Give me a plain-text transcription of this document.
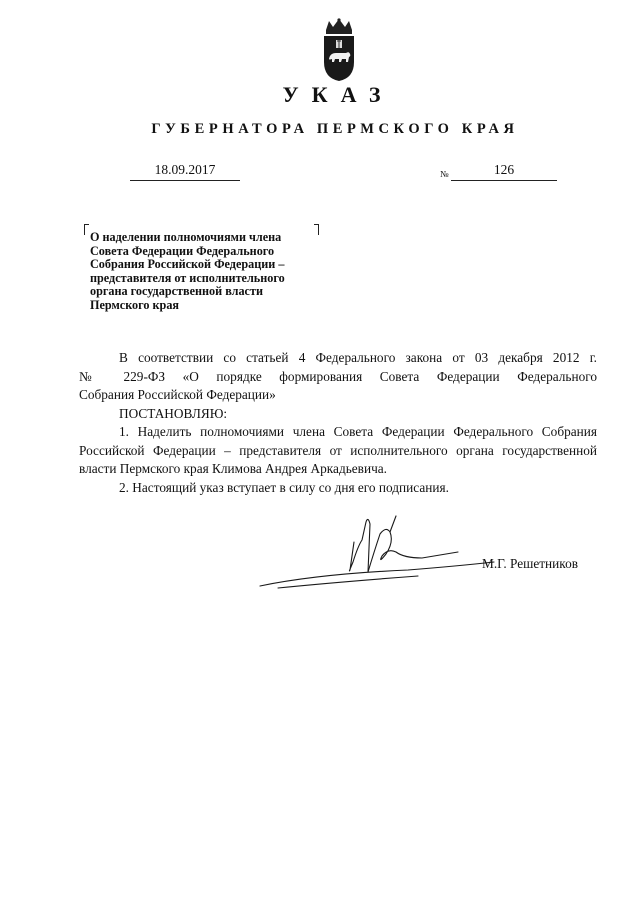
УКАЗ
ГУБЕРНАТОРА ПЕРМСКОГО КРАЯ
18.09.2017	№	126
О наделении полномочиями члена
Совета Федерации Федерального
Собрания Российской Федерации –
представителя от исполнительного
органа государственной власти
Пермского края

В соответствии со статьей 4 Федерального закона от 03 декабря 2012 г.

№ 229-ФЗ «О порядке формирования Совета Федерации Федерального

Собрания Российской Федерации»

ПОСТАНОВЛЯЮ:

1. Наделить полномочиями члена Совета Федерации Федерального Собрания Российской Федерации – представителя от исполнительного органа государственной власти Пермского края Климова Андрея Аркадьевича.

2. Настоящий указ вступает в силу со дня его подписания.

М.Г. Решетников
